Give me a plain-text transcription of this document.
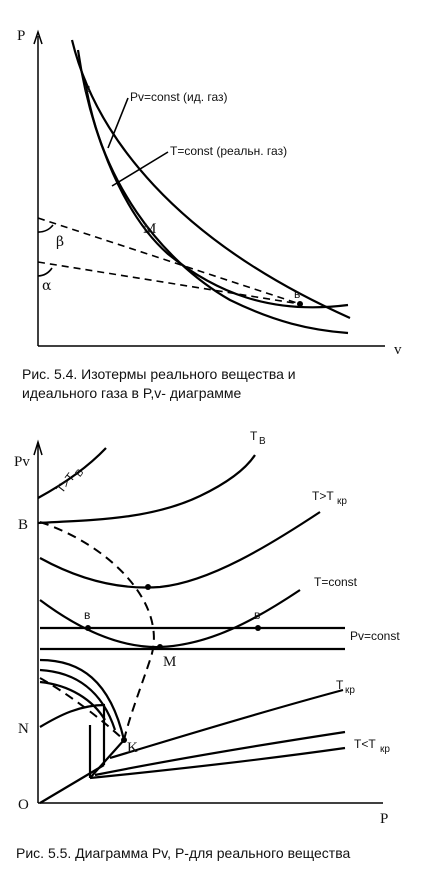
P
v
β
α
Pv=const (ид. газ)
T=const (реальн. газ)
в
в
M
Рис. 5.4. Изотермы реального вещества и
идеального газа в P,v- диаграмме
Pv
P
T>T
B
T B
T>T кр
T=const
Pv=const
T кр
T<T кр
B
N
O
K
M
в	в
Рис. 5.5. Диаграмма Pv, P-для реального вещества
